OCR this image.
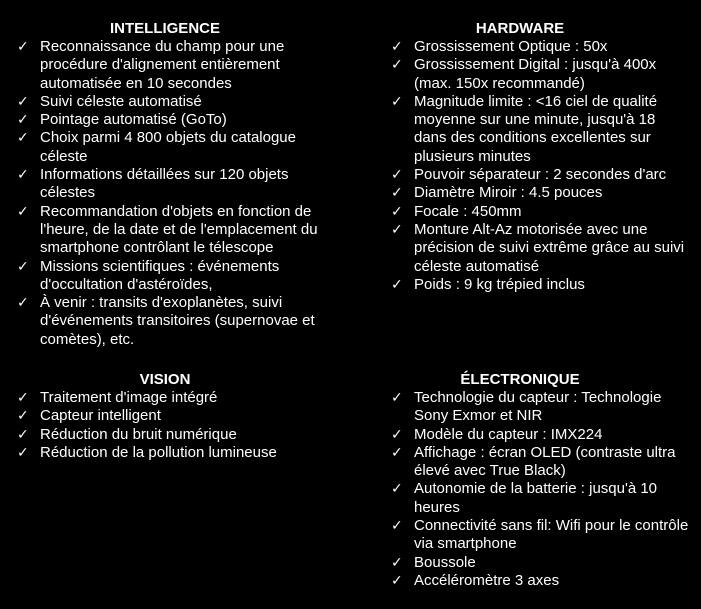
INTELLIGENCE
✓ Reconnaissance du champ pour une procédure d'alignement entièrement automatisée en 10 secondes
✓ Suivi céleste automatisé
✓ Pointage automatisé (GoTo)
✓ Choix parmi 4 800 objets du catalogue céleste
✓ Informations détaillées sur 120 objets célestes
✓ Recommandation d'objets en fonction de l'heure, de la date et de l'emplacement du smartphone contrôlant le télescope
✓ Missions scientifiques : événements d'occultation d'astéroïdes,
✓ À venir : transits d'exoplanètes, suivi d'événements transitoires (supernovae et comètes), etc.
HARDWARE
✓ Grossissement Optique : 50x
✓ Grossissement Digital : jusqu'à 400x (max. 150x recommandé)
✓ Magnitude limite : <16 ciel de qualité moyenne sur une minute, jusqu'à 18 dans des conditions excellentes sur plusieurs minutes
✓ Pouvoir séparateur : 2 secondes d'arc
✓ Diamètre Miroir : 4.5 pouces
✓ Focale : 450mm
✓ Monture Alt-Az motorisée avec une précision de suivi extrême grâce au suivi céleste automatisé
✓ Poids : 9 kg trépied inclus
VISION
✓ Traitement d'image intégré
✓ Capteur intelligent
✓ Réduction du bruit numérique
✓ Réduction de la pollution lumineuse
ÉLECTRONIQUE
✓ Technologie du capteur : Technologie Sony Exmor et NIR
✓ Modèle du capteur : IMX224
✓ Affichage : écran OLED (contraste ultra élevé avec True Black)
✓ Autonomie de la batterie : jusqu'à 10 heures
✓ Connectivité sans fil: Wifi pour le contrôle via smartphone
✓ Boussole
✓ Accéléromètre 3 axes
